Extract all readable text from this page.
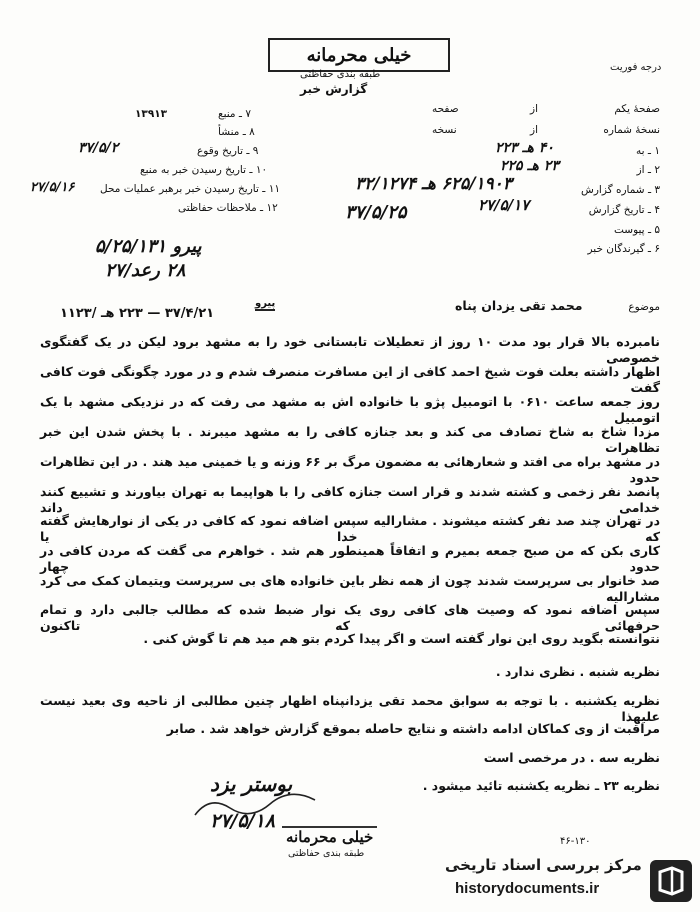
خیلی محرمانه
طبقه بندی حفاظتی
گزارش خبر
درجه فوریت
صفحهٔ یکم
از
صفحه
نسخهٔ شماره
از
نسخه
۱ ـ به
۴۰ هـ ۲۲۳
۲ ـ از
۲۳ هـ ۲۲۵
۳ ـ شماره گزارش
۶۲۵/۱۹۰۳ هـ ۳۲/۱۲۷۴
۴ ـ تاریخ گزارش
۳۷/۵/۲۵	۲۷/۵/۱۷
۵ ـ پیوست
۶ ـ گیرندگان خبر
۷ ـ منبع
۱۳۹۱۳
۸ ـ منشأ
۹ ـ تاریخ وقوع
۳۷/۵/۲
۱۰ ـ تاریخ رسیدن خبر به منبع
۱۱ ـ تاریخ رسیدن خبر برهبر عملیات محل
۲۷/۵/۱۶
۱۲ ـ ملاحظات حفاظتی
پیرو ۵/۲۵/۱۳۱
۲۸ رعد/۲۷
پیرو
۳۷/۴/۲۱ — ۲۲۳ هـ /۱۱۲۳	موضوع
محمد تقی یزدان پناه
نامبرده بالا قرار بود مدت ۱۰ روز از تعطیلات تابستانی خود را به مشهد برود لیکن در یک گفتگوی خصوصی
اظهار داشته بعلت فوت شیخ احمد کافی از این مسافرت منصرف شدم و در مورد چگونگی فوت کافی گفت
روز جمعه ساعت ۰۶۱۰ با اتومبیل پژو با خانواده اش به مشهد می رفت که در نزدیکی مشهد با یک اتومبیل
مزدا شاخ به شاخ تصادف می کند و بعد جنازه کافی را به مشهد میبرند . با پخش شدن این خبر تظاهرات
در مشهد براه می افتد و شعارهائی به مضمون مرگ بر ۶۶ وزنه و یا خمینی مید هند . در این تظاهرات حدود
پانصد نفر زخمی و کشته شدند و قرار است جنازه کافی را با هواپیما به تهران بیاورند و تشییع کنند خدامی داند
در تهران چند صد نفر کشته میشوند . مشارالیه سپس اضافه نمود که کافی در یکی از نوارهایش گفته که خدا یا
کاری بکن که من صبح جمعه بمیرم و اتفاقاً همینطور هم شد . خواهرم می گفت که مردن کافی در حدود چهار
صد خانوار بی سرپرست شدند چون از همه نظر باین خانواده های بی سرپرست ویتیمان کمک می کرد مشارالیه
سپس اضافه نمود که وصیت های کافی روی یک نوار ضبط شده که مطالب جالبی دارد و تمام حرفهائی که تاکنون
نتوانسته بگوید روی این نوار گفته است و اگر پیدا کردم بتو هم مید هم تا گوش کنی .
نظریه شنبه . نظری ندارد .
نظریه یکشنبه . با توجه به سوابق محمد تقی یزدانپناه اظهار چنین مطالبی از ناحیه وی بعید نیست علیهذا
مراقبت از وی کماکان ادامه داشته و نتایج حاصله بموقع گزارش خواهد شد . صابر
نظریه سه . در مرخصی است
نظریه ۲۳ ـ نظریه یکشنبه تائید میشود .
بوستر یزد
۲۷/۵/۱۸
خیلی محرمانه
طبقه بندی حفاظتی
۴۶-۱۳۰
مرکز بررسی اسناد تاریخی
historydocuments.ir
